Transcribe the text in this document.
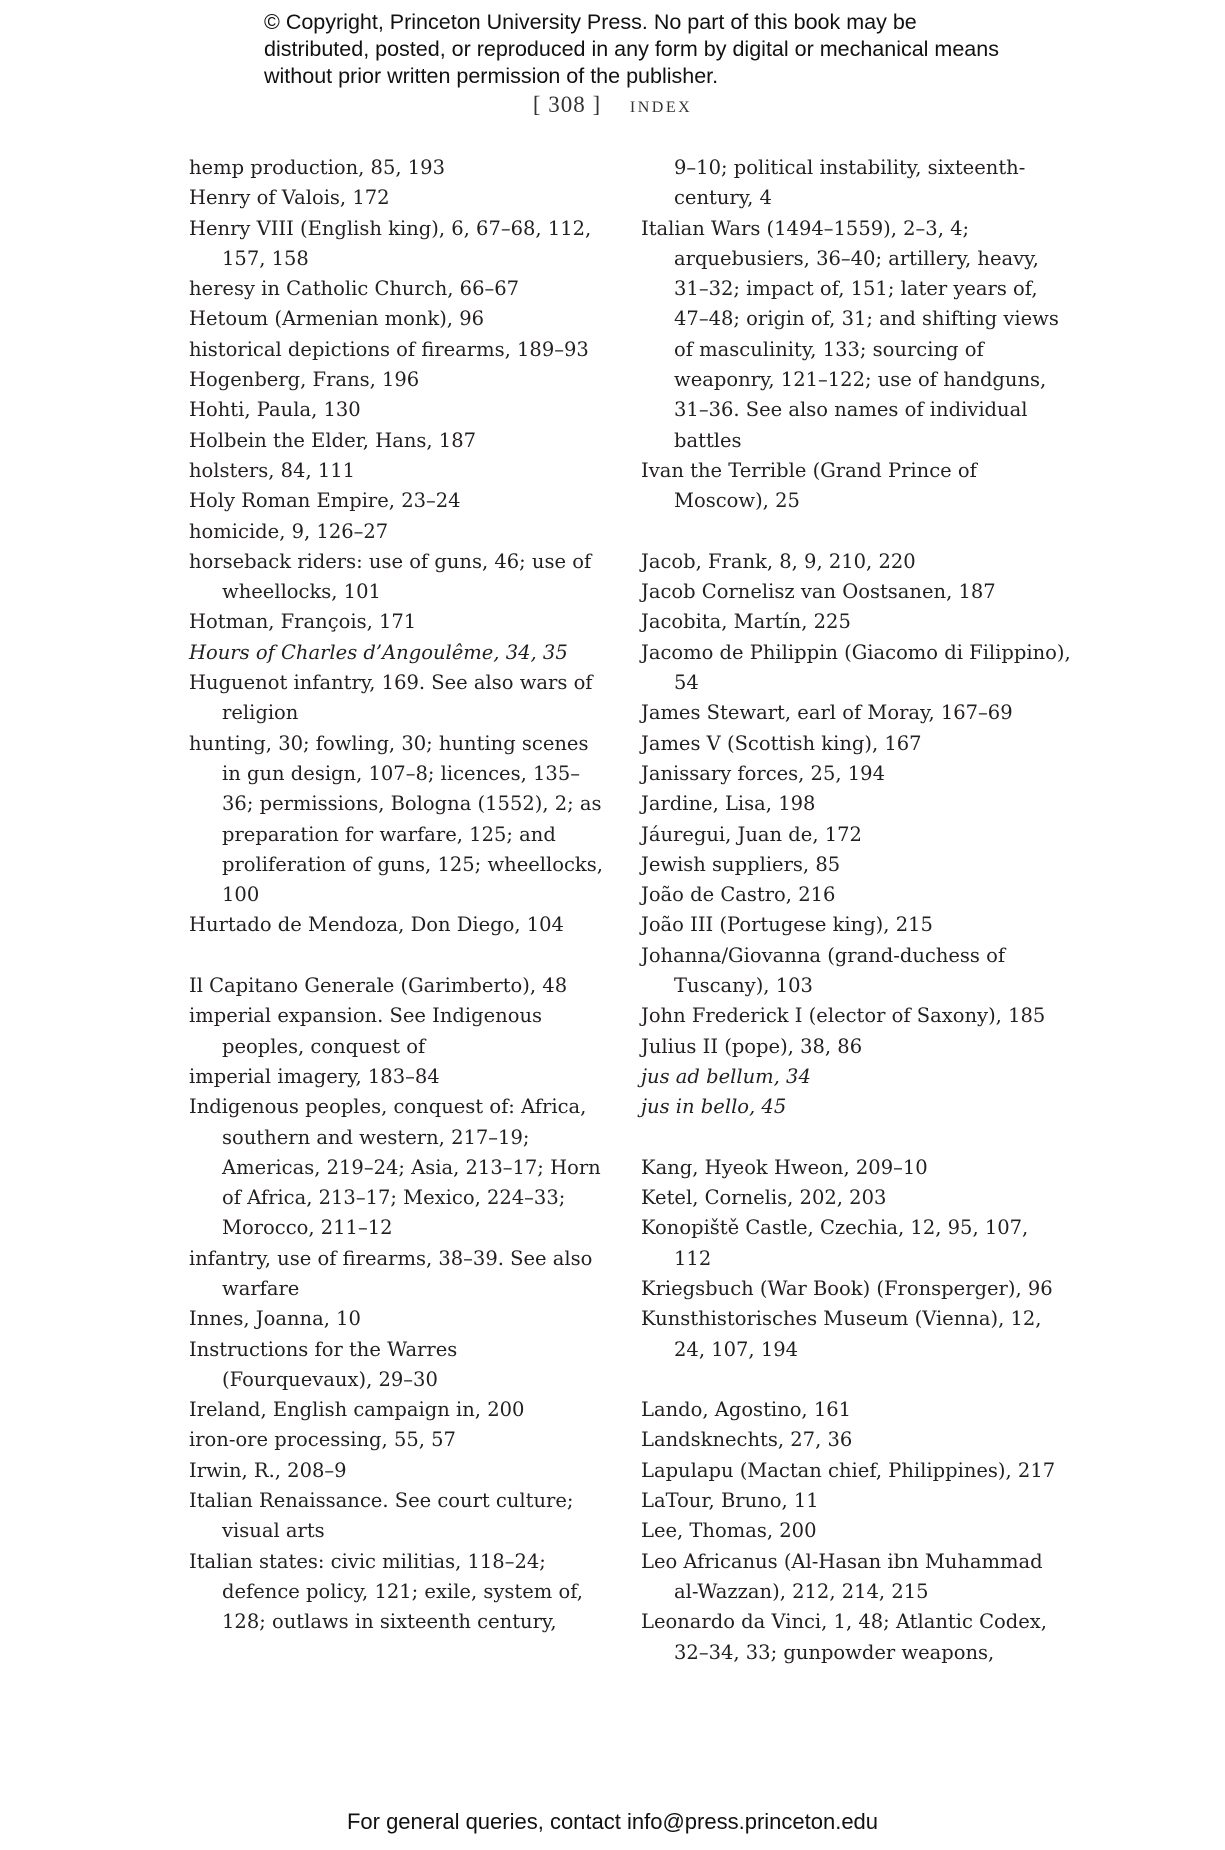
© Copyright, Princeton University Press. No part of this book may be distributed, posted, or reproduced in any form by digital or mechanical means without prior written permission of the publisher.
[ 308 ] index
hemp production, 85, 193
Henry of Valois, 172
Henry VIII (English king), 6, 67–68, 112, 157, 158
heresy in Catholic Church, 66–67
Hetoum (Armenian monk), 96
historical depictions of firearms, 189–93
Hogenberg, Frans, 196
Hohti, Paula, 130
Holbein the Elder, Hans, 187
holsters, 84, 111
Holy Roman Empire, 23–24
homicide, 9, 126–27
horseback riders: use of guns, 46; use of wheellocks, 101
Hotman, François, 171
Hours of Charles d’Angoulême, 34, 35
Huguenot infantry, 169. See also wars of religion
hunting, 30; fowling, 30; hunting scenes in gun design, 107–8; licences, 135–36; permissions, Bologna (1552), 2; as preparation for warfare, 125; and proliferation of guns, 125; wheellocks, 100
Hurtado de Mendoza, Don Diego, 104
Il Capitano Generale (Garimberto), 48
imperial expansion. See Indigenous peoples, conquest of
imperial imagery, 183–84
Indigenous peoples, conquest of: Africa, southern and western, 217–19; Americas, 219–24; Asia, 213–17; Horn of Africa, 213–17; Mexico, 224–33; Morocco, 211–12
infantry, use of firearms, 38–39. See also warfare
Innes, Joanna, 10
Instructions for the Warres (Fourquevaux), 29–30
Ireland, English campaign in, 200
iron-ore processing, 55, 57
Irwin, R., 208–9
Italian Renaissance. See court culture; visual arts
Italian states: civic militias, 118–24; defence policy, 121; exile, system of, 128; outlaws in sixteenth century,
9–10; political instability, sixteenth-century, 4
Italian Wars (1494–1559), 2–3, 4; arquebusiers, 36–40; artillery, heavy, 31–32; impact of, 151; later years of, 47–48; origin of, 31; and shifting views of masculinity, 133; sourcing of weaponry, 121–122; use of handguns, 31–36. See also names of individual battles
Ivan the Terrible (Grand Prince of Moscow), 25
Jacob, Frank, 8, 9, 210, 220
Jacob Cornelisz van Oostsanen, 187
Jacobita, Martín, 225
Jacomo de Philippin (Giacomo di Filippino), 54
James Stewart, earl of Moray, 167–69
James V (Scottish king), 167
Janissary forces, 25, 194
Jardine, Lisa, 198
Jáuregui, Juan de, 172
Jewish suppliers, 85
João de Castro, 216
João III (Portugese king), 215
Johanna/Giovanna (grand-duchess of Tuscany), 103
John Frederick I (elector of Saxony), 185
Julius II (pope), 38, 86
jus ad bellum, 34
jus in bello, 45
Kang, Hyeok Hweon, 209–10
Ketel, Cornelis, 202, 203
Konopiště Castle, Czechia, 12, 95, 107, 112
Kriegsbuch (War Book) (Fronsperger), 96
Kunsthistorisches Museum (Vienna), 12, 24, 107, 194
Lando, Agostino, 161
Landsknechts, 27, 36
Lapulapu (Mactan chief, Philippines), 217
LaTour, Bruno, 11
Lee, Thomas, 200
Leo Africanus (Al-Hasan ibn Muhammad al-Wazzan), 212, 214, 215
Leonardo da Vinci, 1, 48; Atlantic Codex, 32–34, 33; gunpowder weapons,
For general queries, contact info@press.princeton.edu
